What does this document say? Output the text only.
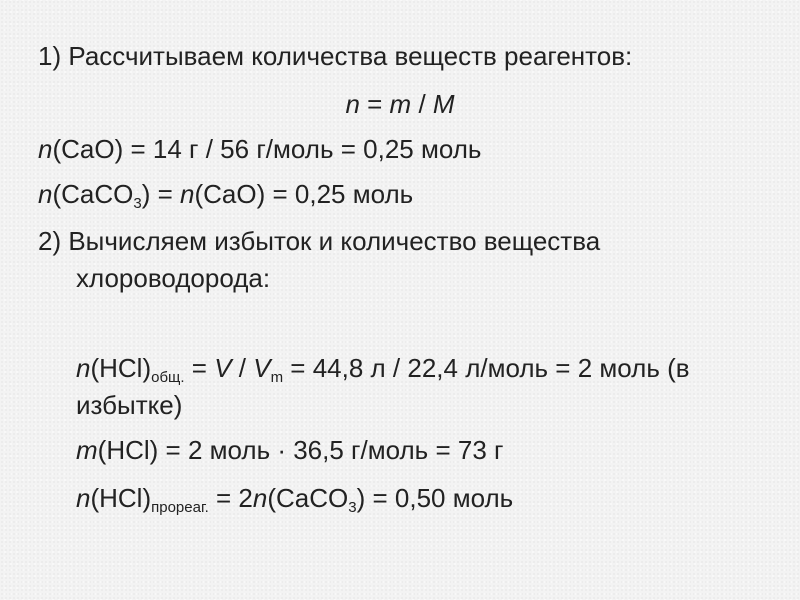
1) Рассчитываем количества веществ реагентов:
n = m / M
n(CaO) = 14 г / 56 г/моль = 0,25 моль
n(CaCO$_3$) = n(CaO) = 0,25 моль
2) Вычисляем избыток и количество вещества
хлороводорода:
$n(HCl)_{общ.} = V / V_m = 44,8$ л / 22,4 л/моль = 2 моль (в
избытке)
m(HCl) = 2 моль · 36,5 г/моль = 73 г
$n(HCl)_{прореаг.}$ = 2n(CaCO$_3$) = 0,50 моль
